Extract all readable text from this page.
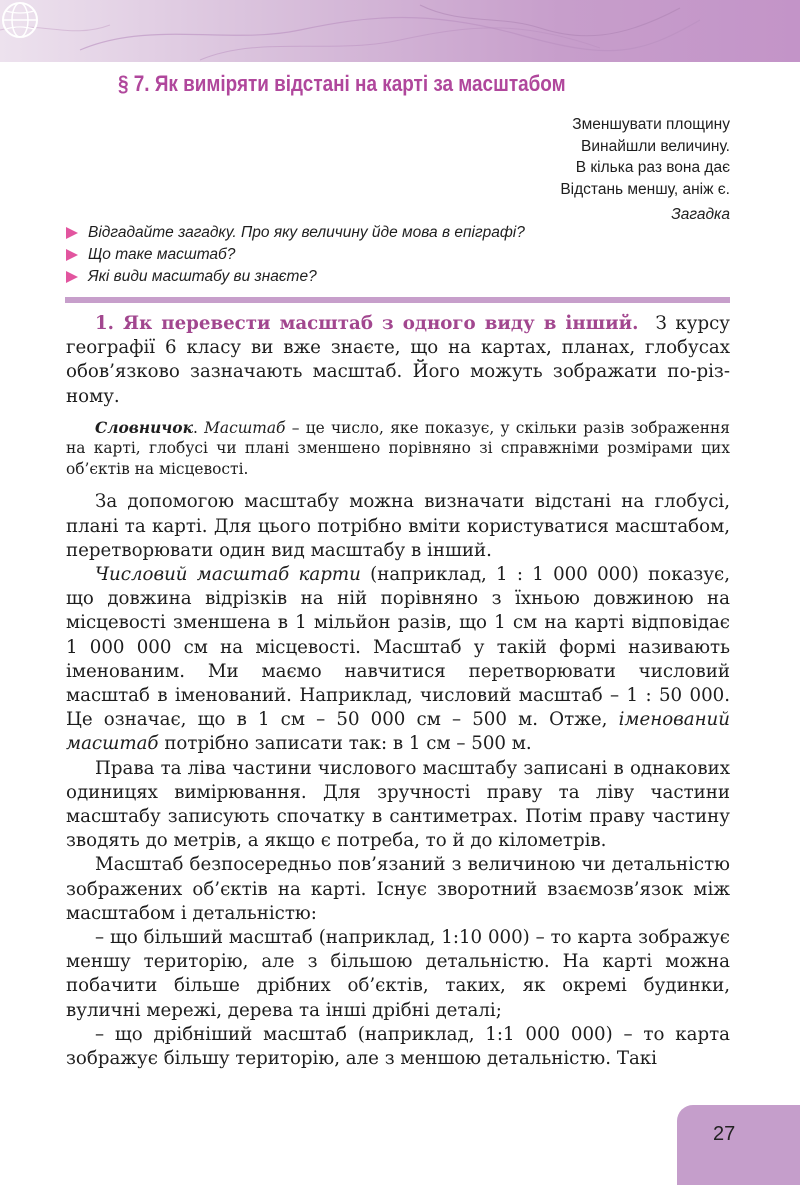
§ 7. Як виміряти відстані на карті за масштабом
Зменшувати площину
Винайшли величину.
В кілька раз вона дає
Відстань меншу, аніж є.
Загадка
Відгадайте загадку. Про яку величину йде мова в епіграфі?
Що таке масштаб?
Які види масштабу ви знаєте?

1. Як перевести масштаб з одного виду в інший. З курсу географії 6 класу ви вже знаєте, що на картах, планах, глобусах обов’язково зазначають масштаб. Його можуть зображати по-різному.

Словничок. Масштаб – це число, яке показує, у скільки разів зображення на карті, глобусі чи плані зменшено порівняно зі справжніми розмірами цих об’єктів на місцевості.

За допомогою масштабу можна визначати відстані на глобусі, плані та карті. Для цього потрібно вміти користуватися масштабом, перетворювати один вид масштабу в інший.

Числовий масштаб карти (наприклад, 1 : 1 000 000) показує, що довжина відрізків на ній порівняно з їхньою довжиною на місцевості зменшена в 1 мільйон разів, що 1 см на карті відповідає 1 000 000 см на місцевості. Масштаб у такій формі називають іменованим. Ми маємо навчитися перетворювати числовий масштаб в іменований. Наприклад, числовий масштаб – 1 : 50 000. Це означає, що в 1 см – 50 000 см – 500 м. Отже, іменований масштаб потрібно записати так: в 1 см – 500 м.

Права та ліва частини числового масштабу записані в однакових одиницях вимірювання. Для зручності праву та ліву частини масштабу записують спочатку в сантиметрах. Потім праву частину зводять до метрів, а якщо є потреба, то й до кілометрів.

Масштаб безпосередньо пов’язаний з величиною чи детальністю зображених об’єктів на карті. Існує зворотний взаємозв’язок між масштабом і детальністю:

– що більший масштаб (наприклад, 1:10 000) – то карта зображує меншу територію, але з більшою детальністю. На карті можна побачити більше дрібних об’єктів, таких, як окремі будинки, вуличні мережі, дерева та інші дрібні деталі;

– що дрібніший масштаб (наприклад, 1:1 000 000) – то карта зображує більшу територію, але з меншою детальністю. Такі

27
